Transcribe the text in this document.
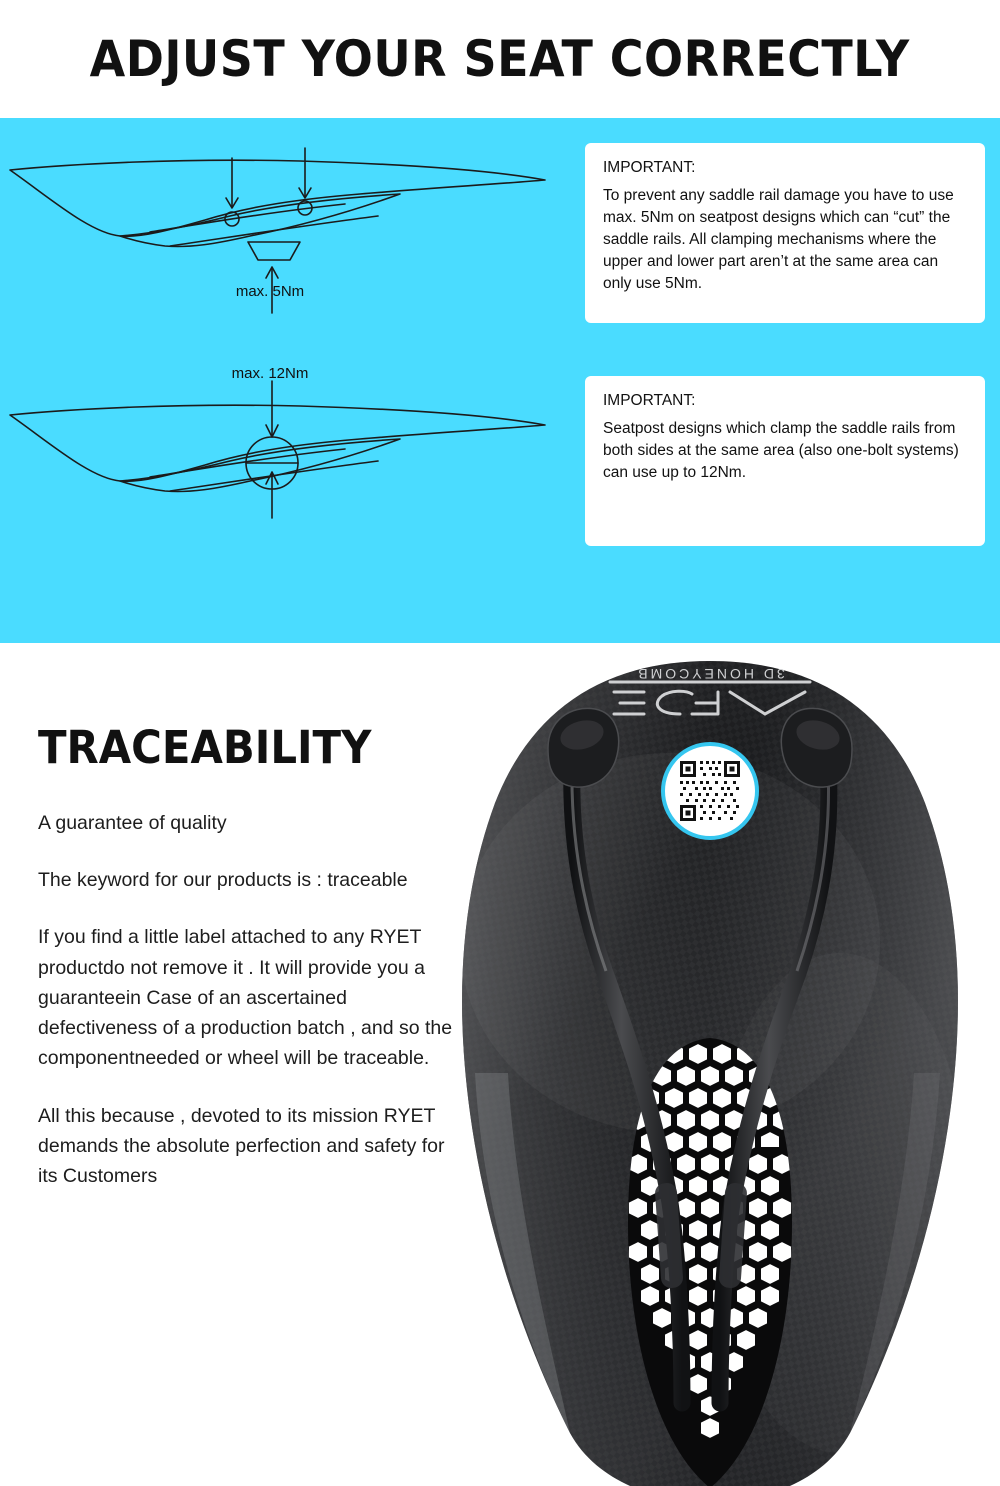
ADJUST YOUR SEAT CORRECTLY
max. 5Nm
max. 12Nm
IMPORTANT:
To prevent any saddle rail damage you have to use max. 5Nm on seatpost designs which can “cut” the saddle rails. All clamping mechanisms where the upper and lower part aren’t at the same area can only use 5Nm.
IMPORTANT:
Seatpost designs which clamp the saddle rails from both sides at the same area (also one-bolt systems) can use up to 12Nm.
TRACEABILITY

A guarantee of quality

The keyword for our products is : traceable

If you find a little label attached to any RYET productdo not remove it . It will provide you a guaranteein Case of an ascertained defectiveness of a production batch , and so the componentneeded or wheel will be traceable.

All this because , devoted to its mission RYET demands the absolute perfection and safety for its Customers

3D HONEYCOMB
